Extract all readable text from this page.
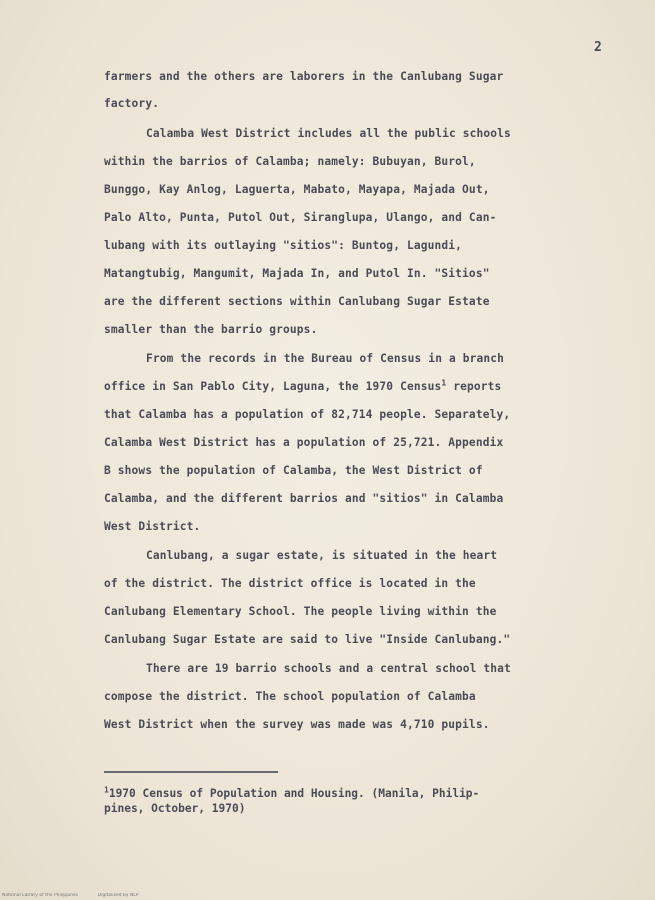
2
farmers and the others are laborers in the Canlubang Sugar
factory.
Calamba West District includes all the public schools
within the barrios of Calamba; namely: Bubuyan, Burol,
Bunggo, Kay Anlog, Laguerta, Mabato, Mayapa, Majada Out,
Palo Alto, Punta, Putol Out, Siranglupa, Ulango, and Can-
lubang with its outlaying "sitios": Buntog, Lagundi,
Matangtubig, Mangumit, Majada In, and Putol In. "Sitios"
are the different sections within Canlubang Sugar Estate
smaller than the barrio groups.
From the records in the Bureau of Census in a branch
office in San Pablo City, Laguna, the 1970 Census$^1$ reports
that Calamba has a population of 82,714 people. Separately,
Calamba West District has a population of 25,721. Appendix
B shows the population of Calamba, the West District of
Calamba, and the different barrios and "sitios" in Calamba
West District.
Canlubang, a sugar estate, is situated in the heart
of the district. The district office is located in the
Canlubang Elementary School. The people living within the
Canlubang Sugar Estate are said to live "Inside Canlubang."
There are 19 barrio schools and a central school that
compose the district. The school population of Calamba
West District when the survey was made was 4,710 pupils.
$^1$1970 Census of Population and Housing. (Manila, Philip-
pines, October, 1970)
National Library of the Philippines	Digitalized by NLP
